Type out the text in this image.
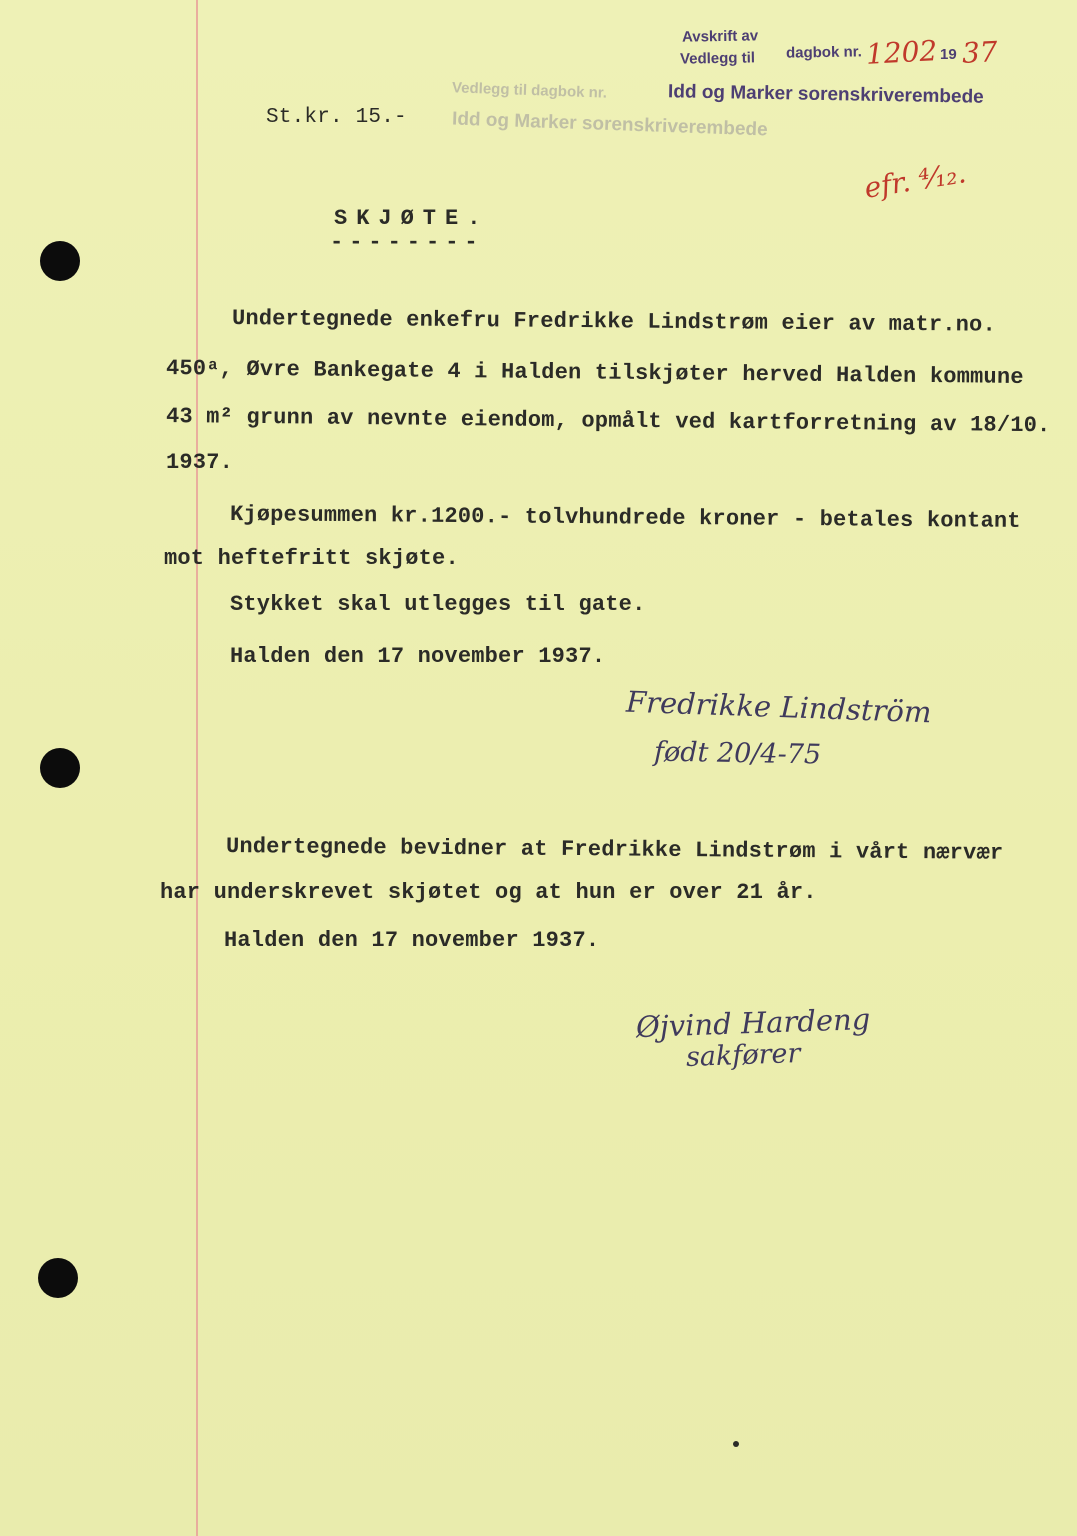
Vedlegg til dagbok nr.
Idd og Marker sorenskriverembede
Avskrift av
Vedlegg til dagbok nr. 1202 19 37
Idd og Marker sorenskriverembede
St.kr. 15.-
efr. ⁴⁄₁₂.
SKJØTE.
--------
Undertegnede enkefru Fredrikke Lindstrøm eier av matr.no.
450ᵃ, Øvre Bankegate 4 i Halden tilskjøter herved Halden kommune
43 m² grunn av nevnte eiendom, opmålt ved kartforretning av 18/10.
1937.
Kjøpesummen kr.1200.- tolvhundrede kroner - betales kontant
mot heftefritt skjøte.
Stykket skal utlegges til gate.
Halden den 17 november 1937.
Fredrikke Lindström
født 20/4-75
Undertegnede bevidner at Fredrikke Lindstrøm i vårt nærvær
har underskrevet skjøtet og at hun er over 21 år.
Halden den 17 november 1937.
Øjvind Hardeng
sakfører
